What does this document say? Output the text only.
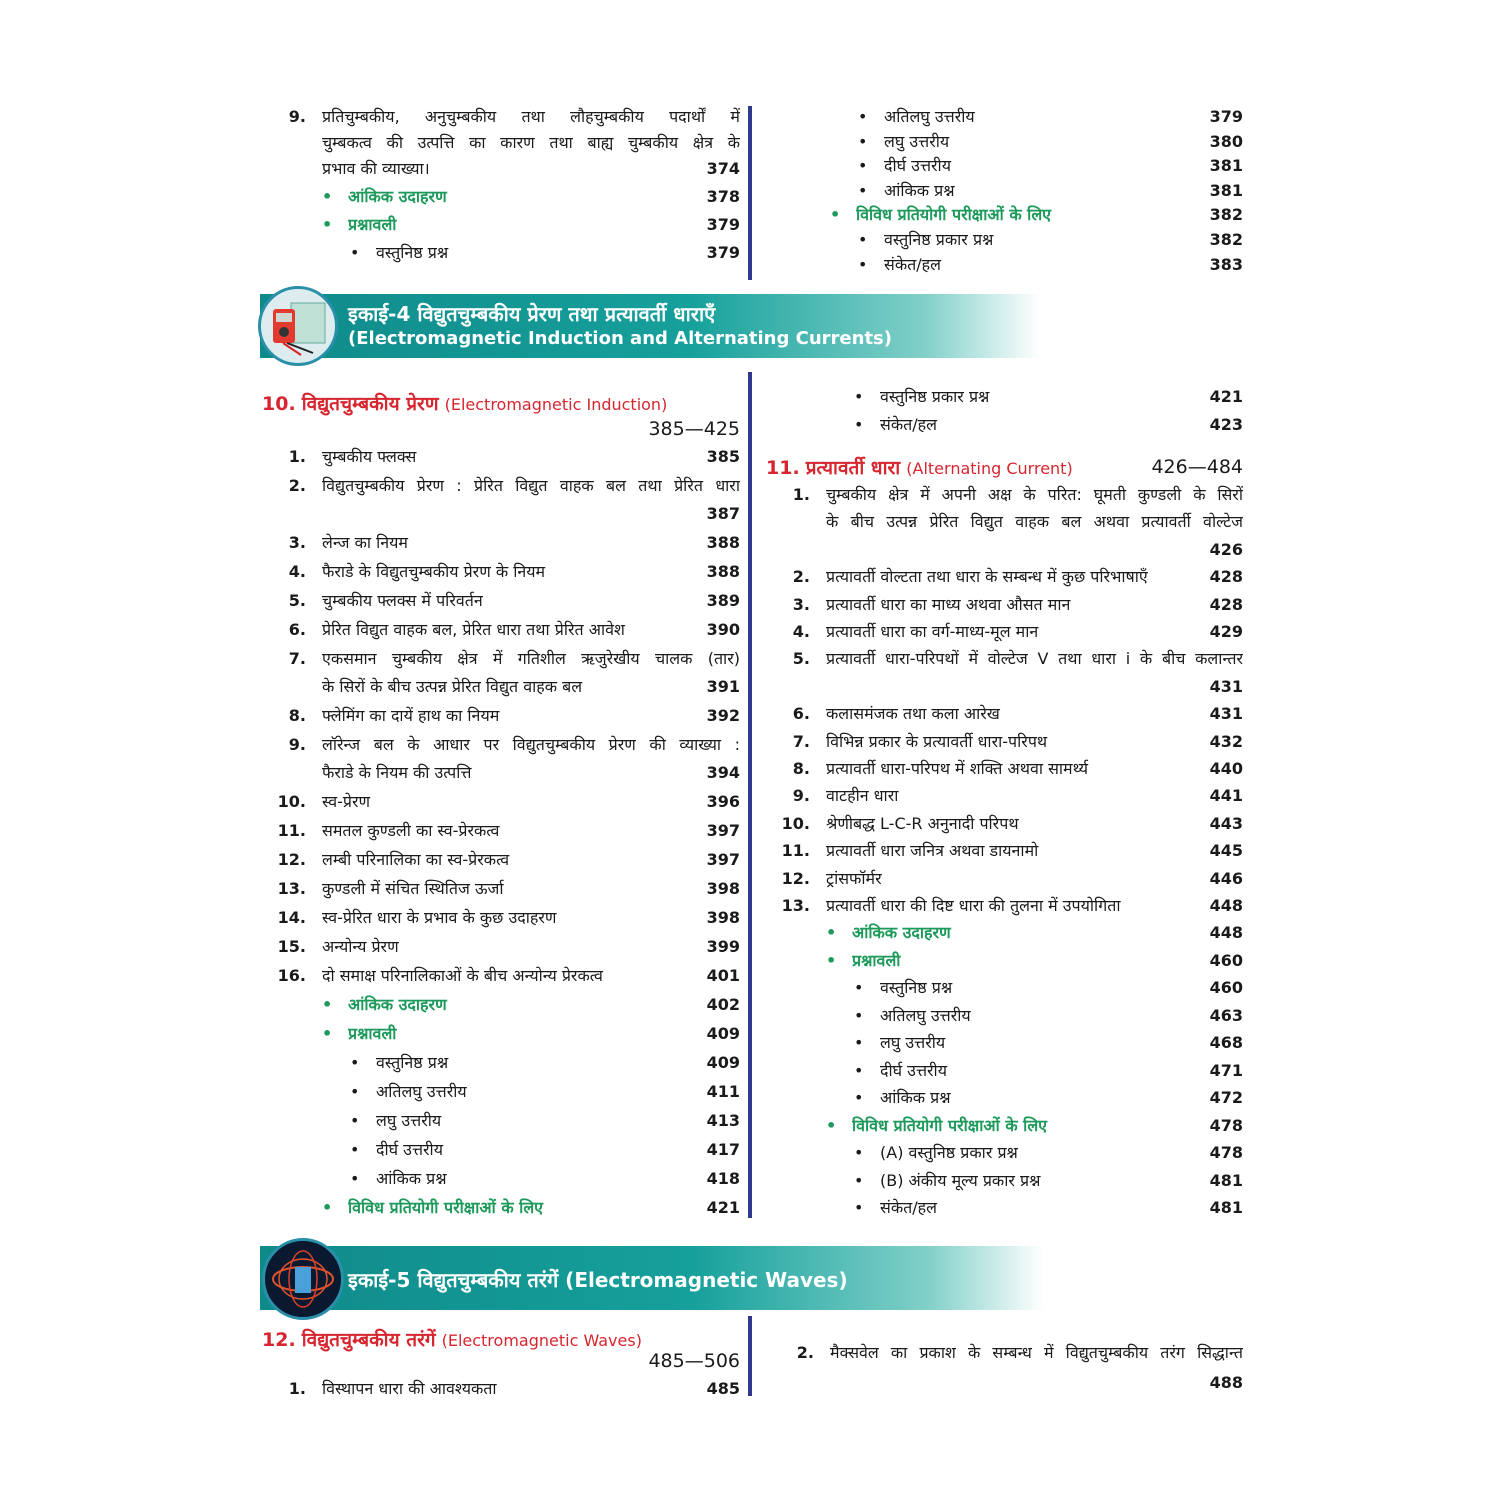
9. प्रतिचुम्बकीय, अनुचुम्बकीय तथा लौहचुम्बकीय पदार्थों में
चुम्बकत्व की उत्पत्ति का कारण तथा बाह्य चुम्बकीय क्षेत्र के
प्रभाव की व्याख्या।	374
• आंकिक उदाहरण	378
• प्रश्नावली	379
• वस्तुनिष्ठ प्रश्न	379
• अतिलघु उत्तरीय	379
• लघु उत्तरीय	380
• दीर्घ उत्तरीय	381
• आंकिक प्रश्न	381
• विविध प्रतियोगी परीक्षाओं के लिए	382
• वस्तुनिष्ठ प्रकार प्रश्न	382
• संकेत/हल	383
इकाई-4 विद्युतचुम्बकीय प्रेरण तथा प्रत्यावर्ती धाराएँ
(Electromagnetic Induction and Alternating Currents)
10. विद्युतचुम्बकीय प्रेरण (Electromagnetic Induction)
385—425
1. चुम्बकीय फ्लक्स	385
2. विद्युतचुम्बकीय प्रेरण : प्रेरित विद्युत वाहक बल तथा प्रेरित धारा
387
3. लेन्ज का नियम	388
4. फैराडे के विद्युतचुम्बकीय प्रेरण के नियम	388
5. चुम्बकीय फ्लक्स में परिवर्तन	389
6. प्रेरित विद्युत वाहक बल, प्रेरित धारा तथा प्रेरित आवेश	390
7. एकसमान चुम्बकीय क्षेत्र में गतिशील ऋजुरेखीय चालक (तार)
के सिरों के बीच उत्पन्न प्रेरित विद्युत वाहक बल	391
8. फ्लेमिंग का दायें हाथ का नियम	392
9. लॉरेन्ज बल के आधार पर विद्युतचुम्बकीय प्रेरण की व्याख्या :
फैराडे के नियम की उत्पत्ति	394
10. स्व-प्रेरण	396
11. समतल कुण्डली का स्व-प्रेरकत्व	397
12. लम्बी परिनालिका का स्व-प्रेरकत्व	397
13. कुण्डली में संचित स्थितिज ऊर्जा	398
14. स्व-प्रेरित धारा के प्रभाव के कुछ उदाहरण	398
15. अन्योन्य प्रेरण	399
16. दो समाक्ष परिनालिकाओं के बीच अन्योन्य प्रेरकत्व	401
• आंकिक उदाहरण	402
• प्रश्नावली	409
• वस्तुनिष्ठ प्रश्न	409
• अतिलघु उत्तरीय	411
• लघु उत्तरीय	413
• दीर्घ उत्तरीय	417
• आंकिक प्रश्न	418
• विविध प्रतियोगी परीक्षाओं के लिए	421
• वस्तुनिष्ठ प्रकार प्रश्न	421
• संकेत/हल	423
11. प्रत्यावर्ती धारा (Alternating Current)	426—484
1. चुम्बकीय क्षेत्र में अपनी अक्ष के परित: घूमती कुण्डली के सिरों
के बीच उत्पन्न प्रेरित विद्युत वाहक बल अथवा प्रत्यावर्ती वोल्टेज
426
2. प्रत्यावर्ती वोल्टता तथा धारा के सम्बन्ध में कुछ परिभाषाएँ	428
3. प्रत्यावर्ती धारा का माध्य अथवा औसत मान	428
4. प्रत्यावर्ती धारा का वर्ग-माध्य-मूल मान	429
5. प्रत्यावर्ती धारा-परिपथों में वोल्टेज V तथा धारा i के बीच कलान्तर
431
6. कलासमंजक तथा कला आरेख	431
7. विभिन्न प्रकार के प्रत्यावर्ती धारा-परिपथ	432
8. प्रत्यावर्ती धारा-परिपथ में शक्ति अथवा सामर्थ्य	440
9. वाटहीन धारा	441
10. श्रेणीबद्ध L-C-R अनुनादी परिपथ	443
11. प्रत्यावर्ती धारा जनित्र अथवा डायनामो	445
12. ट्रांसफॉर्मर	446
13. प्रत्यावर्ती धारा की दिष्ट धारा की तुलना में उपयोगिता	448
• आंकिक उदाहरण	448
• प्रश्नावली	460
• वस्तुनिष्ठ प्रश्न	460
• अतिलघु उत्तरीय	463
• लघु उत्तरीय	468
• दीर्घ उत्तरीय	471
• आंकिक प्रश्न	472
• विविध प्रतियोगी परीक्षाओं के लिए	478
• (A) वस्तुनिष्ठ प्रकार प्रश्न	478
• (B) अंकीय मूल्य प्रकार प्रश्न	481
• संकेत/हल	481
इकाई-5 विद्युतचुम्बकीय तरंगें (Electromagnetic Waves)
12. विद्युतचुम्बकीय तरंगें (Electromagnetic Waves)
485—506
1. विस्थापन धारा की आवश्यकता	485
2. मैक्सवेल का प्रकाश के सम्बन्ध में विद्युतचुम्बकीय तरंग सिद्धान्त
488
